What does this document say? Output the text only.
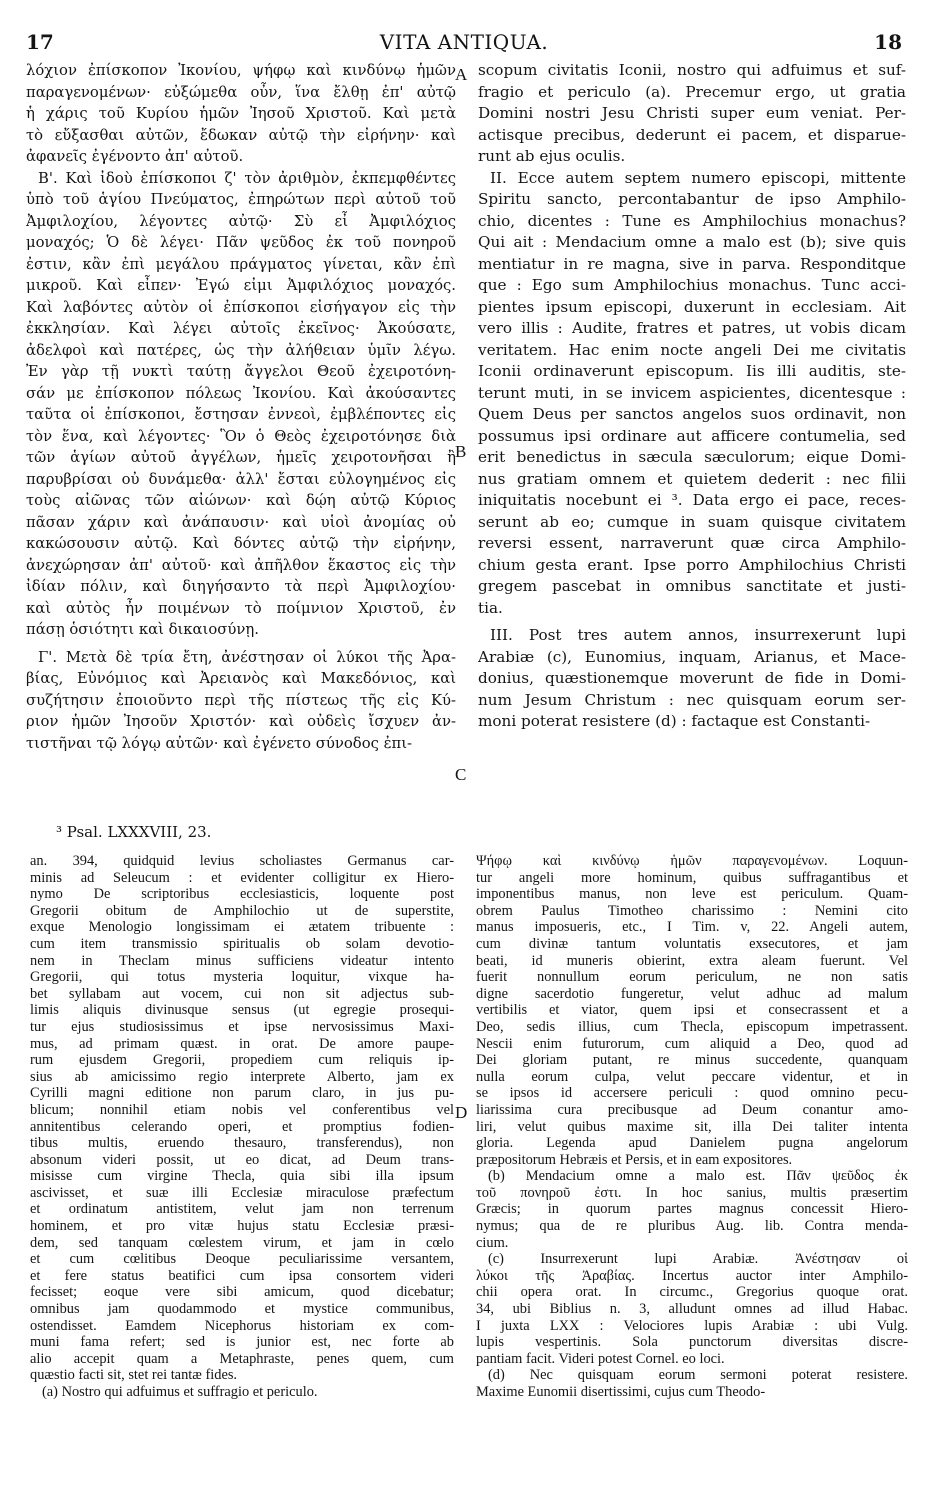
17	VITA ANTIQUA.	18
λόχιον ἐπίσκοπον Ἰκονίου, ψήφῳ καὶ κινδύνῳ ἡμῶν
παραγενομένων· εὐξώμεθα οὖν, ἵνα ἔλθῃ ἐπ' αὐτῷ
ἡ χάρις τοῦ Κυρίου ἡμῶν Ἰησοῦ Χριστοῦ. Καὶ μετὰ
τὸ εὔξασθαι αὐτῶν, ἔδωκαν αὐτῷ τὴν εἰρήνην· καὶ
ἀφανεῖς ἐγένοντο ἀπ' αὐτοῦ.
Β'. Καὶ ἰδοὺ ἐπίσκοποι ζ' τὸν ἀριθμὸν, ἐκπεμφθέντες
ὑπὸ τοῦ ἁγίου Πνεύματος, ἐπηρώτων περὶ αὐτοῦ τοῦ
Ἀμφιλοχίου, λέγοντες αὐτῷ· Σὺ εἶ Ἀμφιλόχιος
μοναχός; Ὁ δὲ λέγει· Πᾶν ψεῦδος ἐκ τοῦ πονηροῦ
ἐστιν, κἂν ἐπὶ μεγάλου πράγματος γίνεται, κἂν ἐπὶ
μικροῦ. Καὶ εἶπεν· Ἐγώ εἰμι Ἀμφιλόχιος μοναχός.
Καὶ λαβόντες αὐτὸν οἱ ἐπίσκοποι εἰσήγαγον εἰς τὴν
ἐκκλησίαν. Καὶ λέγει αὐτοῖς ἐκεῖνος· Ἀκούσατε,
ἀδελφοὶ καὶ πατέρες, ὡς τὴν ἀλήθειαν ὑμῖν λέγω.
Ἐν γὰρ τῇ νυκτὶ ταύτῃ ἄγγελοι Θεοῦ ἐχειροτόνη-
σάν με ἐπίσκοπον πόλεως Ἰκονίου. Καὶ ἀκούσαντες
ταῦτα οἱ ἐπίσκοποι, ἔστησαν ἐννεοὶ, ἐμβλέποντες εἰς
τὸν ἕνα, καὶ λέγοντες· Ὃν ὁ Θεὸς ἐχειροτόνησε διὰ
τῶν ἁγίων αὐτοῦ ἀγγέλων, ἡμεῖς χειροτονῆσαι ἢ
παρυβρίσαι οὐ δυνάμεθα· ἀλλ' ἔσται εὐλογημένος εἰς
τοὺς αἰῶνας τῶν αἰώνων· καὶ δῴη αὐτῷ Κύριος
πᾶσαν χάριν καὶ ἀνάπαυσιν· καὶ υἱοὶ ἀνομίας οὐ
κακώσουσιν αὐτῷ. Καὶ δόντες αὐτῷ τὴν εἰρήνην,
ἀνεχώρησαν ἀπ' αὐτοῦ· καὶ ἀπῆλθον ἕκαστος εἰς τὴν
ἰδίαν πόλιν, καὶ διηγήσαντο τὰ περὶ Ἀμφιλοχίου·
καὶ αὐτὸς ἦν ποιμένων τὸ ποίμνιον Χριστοῦ, ἐν
πάσῃ ὁσιότητι καὶ δικαιοσύνῃ.
Γ'. Μετὰ δὲ τρία ἔτη, ἀνέστησαν οἱ λύκοι τῆς Ἀρα-
βίας, Εὐνόμιος καὶ Ἀρειανὸς καὶ Μακεδόνιος, καὶ
συζήτησιν ἐποιοῦντο περὶ τῆς πίστεως τῆς εἰς Κύ-
ριον ἡμῶν Ἰησοῦν Χριστόν· καὶ οὐδεὶς ἴσχυεν ἀν-
τιστῆναι τῷ λόγῳ αὐτῶν· καὶ ἐγένετο σύνοδος ἐπι-
scopum civitatis Iconii, nostro qui adfuimus et suf-
fragio et periculo (a). Precemur ergo, ut gratia
Domini nostri Jesu Christi super eum veniat. Per-
actisque precibus, dederunt ei pacem, et disparue-
runt ab ejus oculis.
II. Ecce autem septem numero episcopi, mittente
Spiritu sancto, percontabantur de ipso Amphilo-
chio, dicentes : Tune es Amphilochius monachus?
Qui ait : Mendacium omne a malo est (b); sive quis
mentiatur in re magna, sive in parva. Responditque
que : Ego sum Amphilochius monachus. Tunc acci-
pientes ipsum episcopi, duxerunt in ecclesiam. Ait
vero illis : Audite, fratres et patres, ut vobis dicam
veritatem. Hac enim nocte angeli Dei me civitatis
Iconii ordinaverunt episcopum. Iis illi auditis, ste-
terunt muti, in se invicem aspicientes, dicentesque :
Quem Deus per sanctos angelos suos ordinavit, non
possumus ipsi ordinare aut afficere contumelia, sed
erit benedictus in sæcula sæculorum; eique Domi-
nus gratiam omnem et quietem dederit : nec filii
iniquitatis nocebunt ei ³. Data ergo ei pace, reces-
serunt ab eo; cumque in suam quisque civitatem
reversi essent, narraverunt quæ circa Amphilo-
chium gesta erant. Ipse porro Amphilochius Christi
gregem pascebat in omnibus sanctitate et justi-
tia.
III. Post tres autem annos, insurrexerunt lupi
Arabiæ (c), Eunomius, inquam, Arianus, et Mace-
donius, quæstionemque moverunt de fide in Domi-
num Jesum Christum : nec quisquam eorum ser-
moni poterat resistere (d) : factaque est Constanti-
A
B
C
D
³ Psal. LXXXVIII, 23.
an. 394, quidquid levius scholiastes Germanus car-
minis ad Seleucum : et evidenter colligitur ex Hiero-
nymo De scriptoribus ecclesiasticis, loquente post
Gregorii obitum de Amphilochio ut de superstite,
exque Menologio longissimam ei ætatem tribuente :
cum item transmissio spiritualis ob solam devotio-
nem in Theclam minus sufficiens videatur intento
Gregorii, qui totus mysteria loquitur, vixque ha-
bet syllabam aut vocem, cui non sit adjectus sub-
limis aliquis divinusque sensus (ut egregie prosequi-
tur ejus studiosissimus et ipse nervosissimus Maxi-
mus, ad primam quæst. in orat. De amore paupe-
rum ejusdem Gregorii, propediem cum reliquis ip-
sius ab amicissimo regio interprete Alberto, jam ex
Cyrilli magni editione non parum claro, in jus pu-
blicum; nonnihil etiam nobis vel conferentibus vel
annitentibus celerando operi, et promptius fodien-
tibus multis, eruendo thesauro, transferendus), non
absonum videri possit, ut eo dicat, ad Deum trans-
misisse cum virgine Thecla, quia sibi illa ipsum
ascivisset, et suæ illi Ecclesiæ miraculose præfectum
et ordinatum antistitem, velut jam non terrenum
hominem, et pro vitæ hujus statu Ecclesiæ præsi-
dem, sed tanquam cœlestem virum, et jam in cœlo
et cum cœlitibus Deoque peculiarissime versantem,
et fere status beatifici cum ipsa consortem videri
fecisset; eoque vere sibi amicum, quod dicebatur;
omnibus jam quodammodo et mystice communibus,
ostendisset. Eamdem Nicephorus historiam ex com-
muni fama refert; sed is junior est, nec forte ab
alio accepit quam a Metaphraste, penes quem, cum
quæstio facti sit, stet rei tantæ fides.
(a) Nostro qui adfuimus et suffragio et periculo.
Ψήφῳ καὶ κινδύνῳ ἡμῶν παραγενομένων. Loquun-
tur angeli more hominum, quibus suffragantibus et
imponentibus manus, non leve est periculum. Quam-
obrem Paulus Timotheo charissimo : Nemini cito
manus imposueris, etc., I Tim. v, 22. Angeli autem,
cum divinæ tantum voluntatis exsecutores, et jam
beati, id muneris obierint, extra aleam fuerunt. Vel
fuerit nonnullum eorum periculum, ne non satis
digne sacerdotio fungeretur, velut adhuc ad malum
vertibilis et viator, quem ipsi et consecrassent et a
Deo, sedis illius, cum Thecla, episcopum impetrassent.
Nescii enim futurorum, cum aliquid a Deo, quod ad
Dei gloriam putant, re minus succedente, quanquam
nulla eorum culpa, velut peccare videntur, et in
se ipsos id accersere periculi : quod omnino pecu-
liarissima cura precibusque ad Deum conantur amo-
liri, velut quibus maxime sit, illa Dei taliter intenta
gloria. Legenda apud Danielem pugna angelorum
præpositorum Hebræis et Persis, et in eam expositores.
(b) Mendacium omne a malo est. Πᾶν ψεῦδος ἐκ
τοῦ πονηροῦ ἐστι. In hoc sanius, multis præsertim
Græcis; in quorum partes magnus concessit Hiero-
nymus; qua de re pluribus Aug. lib. Contra menda-
cium.
(c) Insurrexerunt lupi Arabiæ. Ἀνέστησαν οἱ
λύκοι τῆς Ἀραβίας. Incertus auctor inter Amphilo-
chii opera orat. In circumc., Gregorius quoque orat.
34, ubi Biblius n. 3, alludunt omnes ad illud Habac.
I juxta LXX : Velociores lupis Arabiæ : ubi Vulg.
lupis vespertinis. Sola punctorum diversitas discre-
pantiam facit. Videri potest Cornel. eo loci.
(d) Nec quisquam eorum sermoni poterat resistere.
Maxime Eunomii disertissimi, cujus cum Theodo-
